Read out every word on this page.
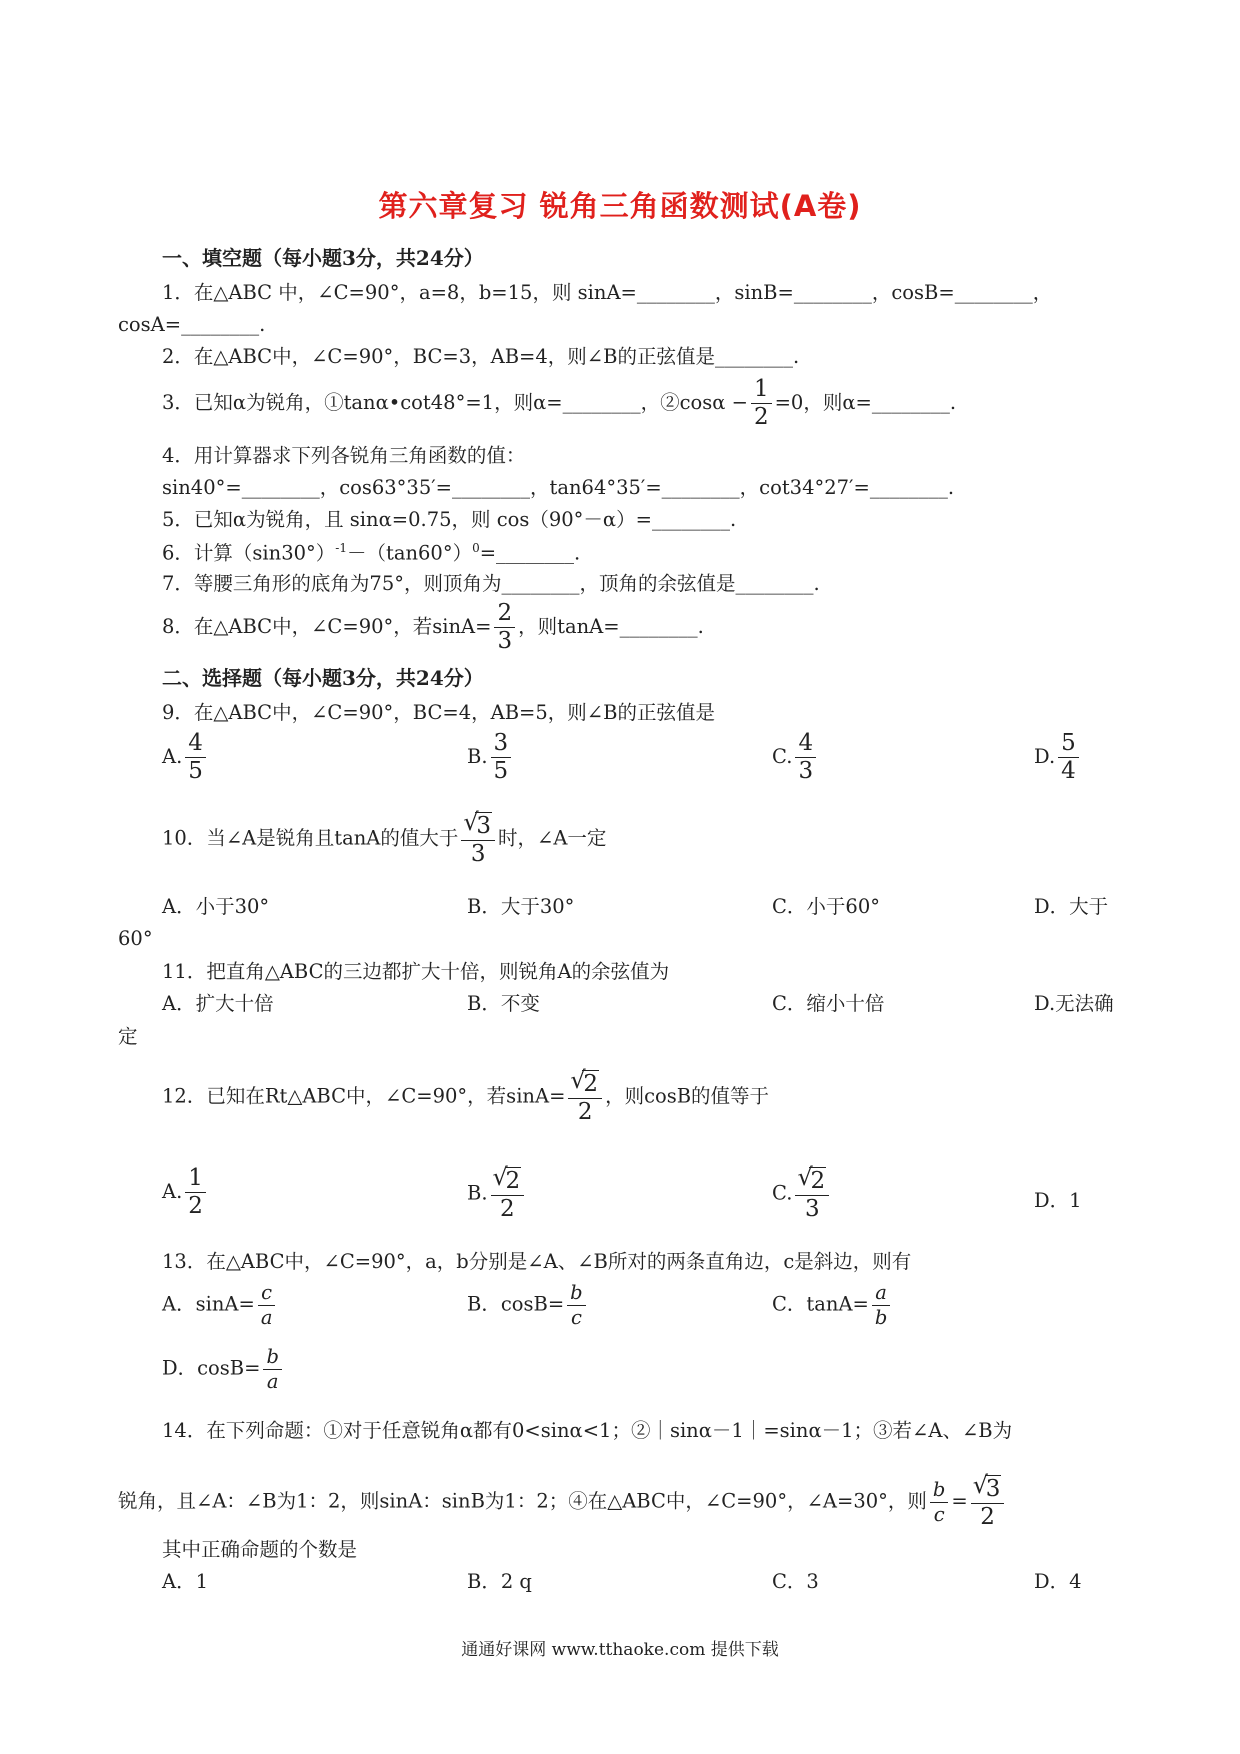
第六章复习 锐角三角函数测试(A卷)
一、填空题（每小题3分，共24分）
1．在△ABC 中，∠C=90°，a=8，b=15，则 sinA=________，sinB=________，cosB=________，
cosA=________.
2．在△ABC中，∠C=90°，BC=3，AB=4，则∠B的正弦值是________.
3．已知α为锐角，①tanα•cot48°=1，则α=________，②cosα − $\frac{1}{2} =0$，则α=________.
4．用计算器求下列各锐角三角函数的值：
sin40°=________，cos63°35′=________，tan64°35′=________，cot34°27′=________.
5．已知α为锐角，且 sinα=0.75，则 cos（90°－α）=________.
6．计算$(\sin 30^\circ)^{-1}-(\tan 60^\circ)^0=\_\_\_\_\_\_\_\_$.
7．等腰三角形的底角为75°，则顶角为________，顶角的余弦值是________.
8．在△ABC中，∠C=90°，若$\sin A= \frac{2}{3}$ ，则tanA=________.
二、选择题（每小题3分，共24分）
9．在△ABC中，∠C=90°，BC=4，AB=5，则∠B的正弦值是
A. $\frac{4}{5}$	B. $\frac{3}{5}$	C. $\frac{4}{3}$	D. $\frac{5}{4}$
10．当∠A是锐角且tanA的值大于 √ $\frac{3}{3}$ 时，∠A一定
A．小于30°	B．大于30°	C．小于60°	D．大于
60°
11．把直角△ABC的三边都扩大十倍，则锐角A的余弦值为
A．扩大十倍	B．不变	C．缩小十倍	D.无法确
定
12．已知在Rt△ABC中，∠C=90°，若sinA= √ $\frac{2}{2}$ ，则cosB的值等于
A. $\frac{1}{2}$	B. √ $\frac{2}{2}$	C. √ $\frac{2}{3}$	D．1
13．在△ABC中，∠C=90°，a，b分别是∠A、∠B所对的两条直角边，c是斜边，则有
A．$\sin A= \frac{c}{a}$	B．$\cos B= \frac{b}{c}$	C．$\tan A= \frac{a}{b}$
D．$\cos B= \frac{b}{a}$
14．在下列命题：①对于任意锐角α都有0<sinα<1；②｜sinα－1｜=sinα－1；③若∠A、∠B为
锐角，且∠A：∠B为1：2，则sinA：sinB为1：2；④在△ABC中，∠C=90°，∠A=30°，则 $\frac{b}{c}$ = √ $\frac{3}{2}$
其中正确命题的个数是
A．1	B．2 q	C．3	D．4
通通好课网 www.tthaoke.com 提供下载
